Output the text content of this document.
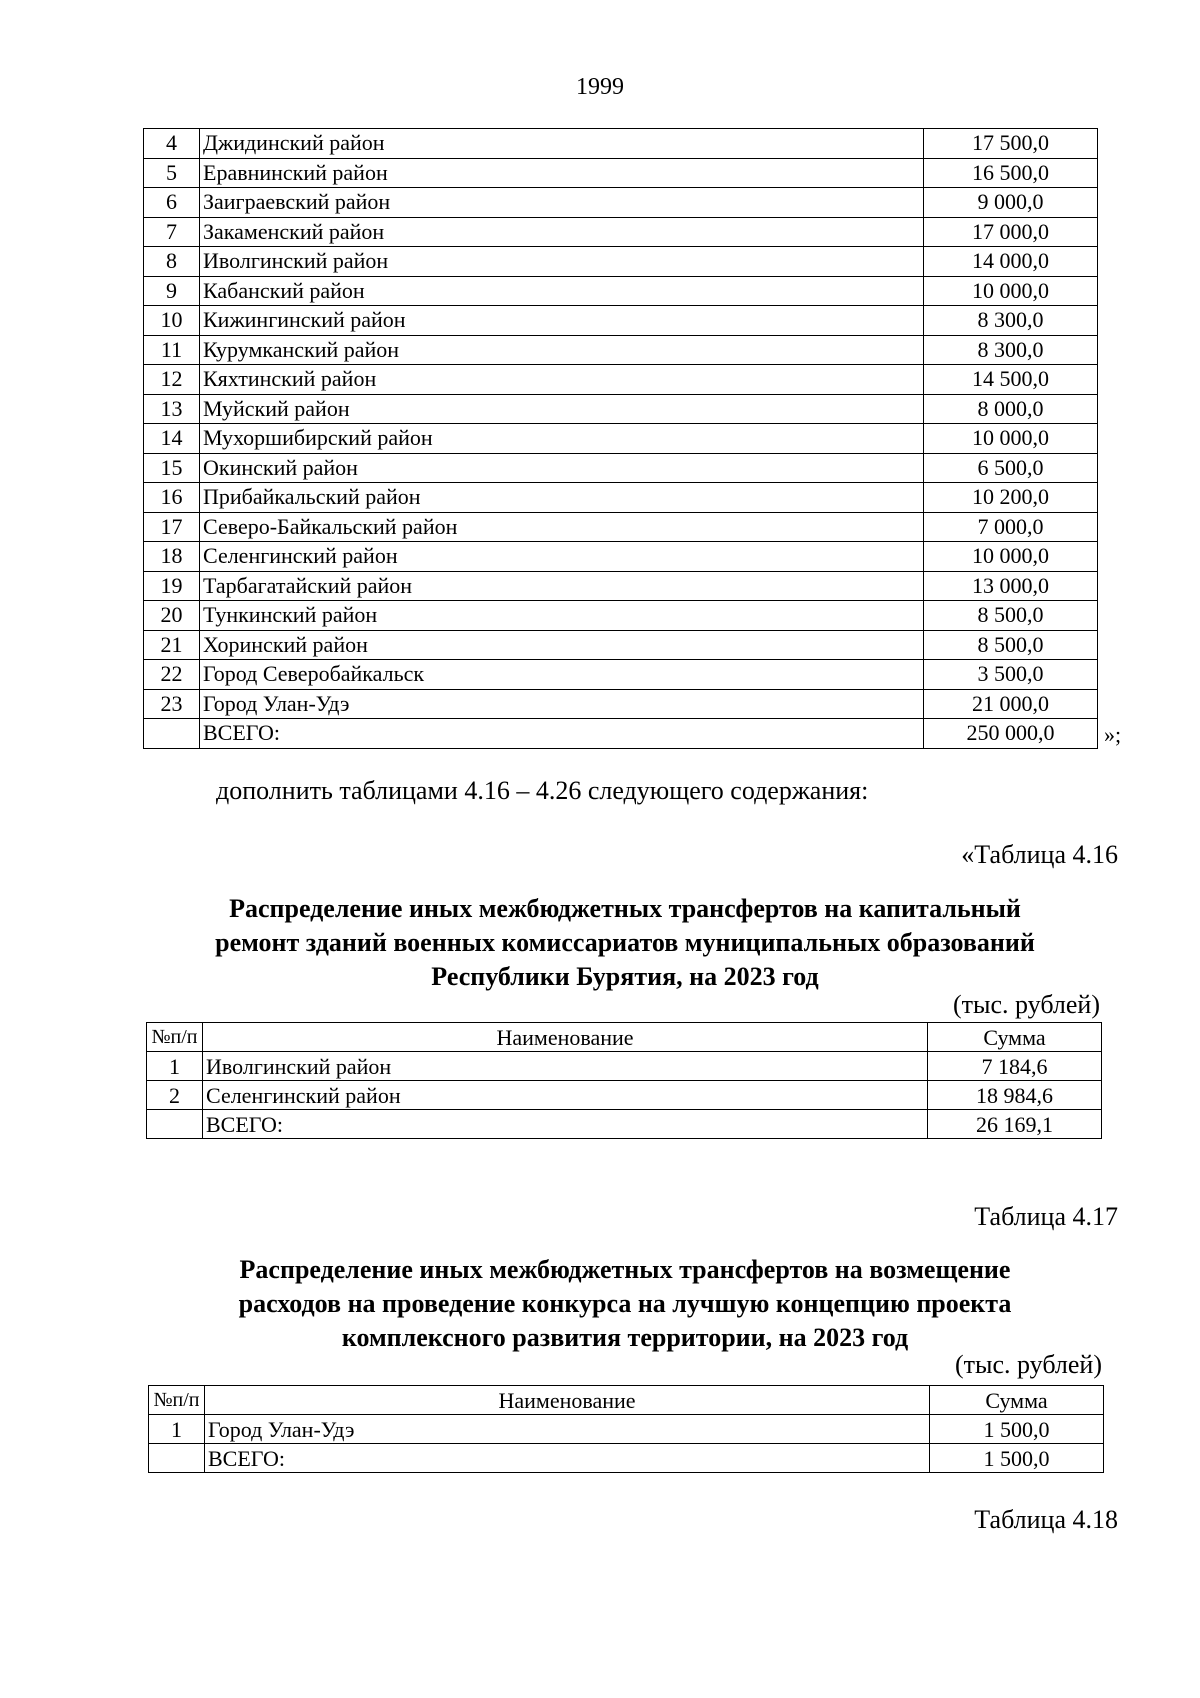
1999
4	Джидинский район	17 500,0
5	Еравнинский район	16 500,0
6	Заиграевский район	9 000,0
7	Закаменский район	17 000,0
8	Иволгинский район	14 000,0
9	Кабанский район	10 000,0
10	Кижингинский район	8 300,0
11	Курумканский район	8 300,0
12	Кяхтинский район	14 500,0
13	Муйский район	8 000,0
14	Мухоршибирский район	10 000,0
15	Окинский район	6 500,0
16	Прибайкальский район	10 200,0
17	Северо-Байкальский район	7 000,0
18	Селенгинский район	10 000,0
19	Тарбагатайский район	13 000,0
20	Тункинский район	8 500,0
21	Хоринский район	8 500,0
22	Город Северобайкальск	3 500,0
23	Город Улан-Удэ	21 000,0
	ВСЕГО:	250 000,0 »;
дополнить таблицами 4.16 – 4.26 следующего содержания:
«Таблица 4.16
Распределение иных межбюджетных трансфертов на капитальный
ремонт зданий военных комиссариатов муниципальных образований
Республики Бурятия, на 2023 год
(тыс. рублей)
№п/п	Наименование	Сумма
1	Иволгинский район	7 184,6
2	Селенгинский район	18 984,6
	ВСЕГО:	26 169,1
Таблица 4.17
Распределение иных межбюджетных трансфертов на возмещение
расходов на проведение конкурса на лучшую концепцию проекта
комплексного развития территории, на 2023 год
(тыс. рублей)
№п/п	Наименование	Сумма
1	Город Улан-Удэ	1 500,0
	ВСЕГО:	1 500,0
Таблица 4.18
